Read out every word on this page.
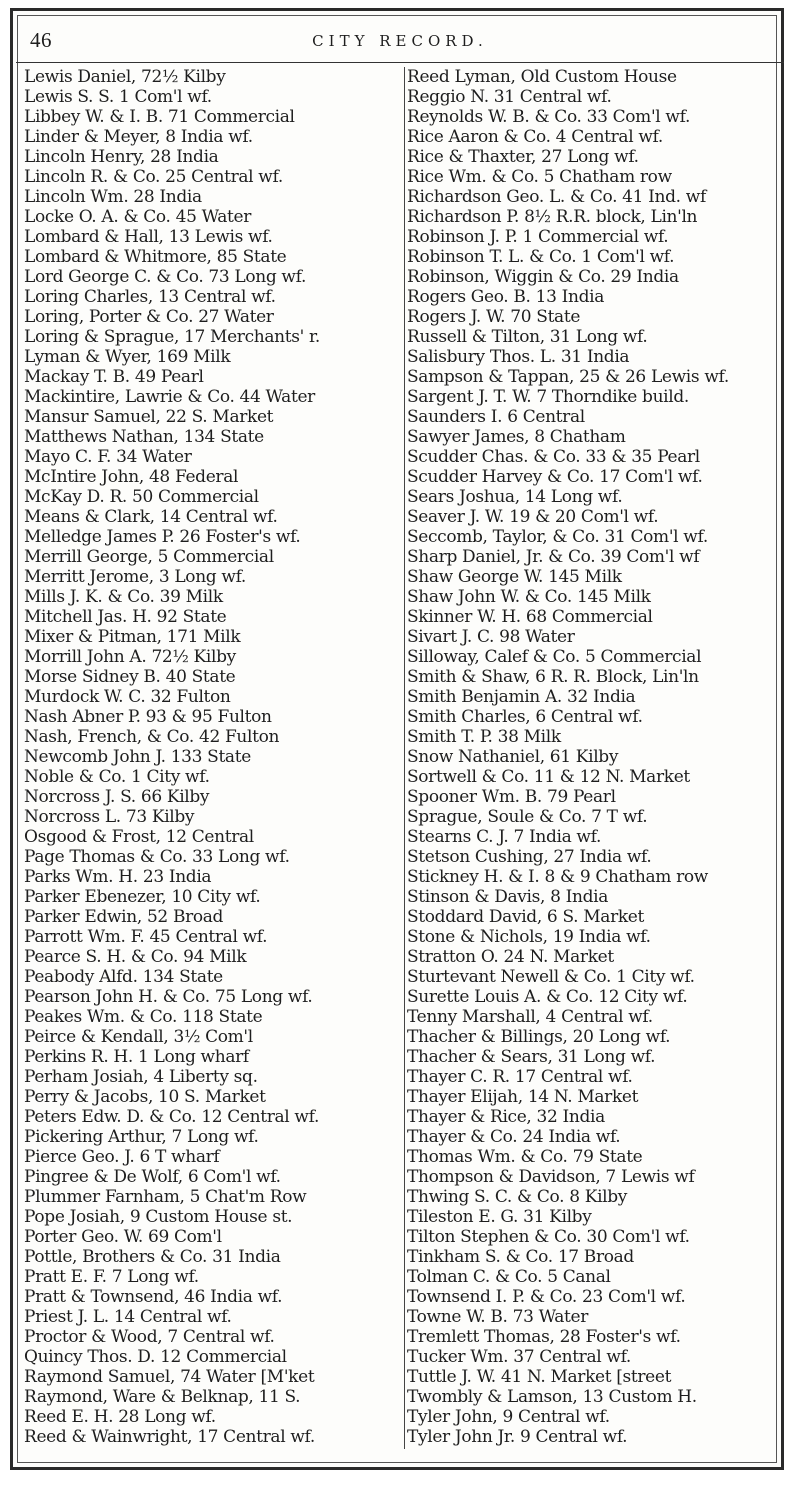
46	CITY RECORD.
Lewis Daniel, 72½ Kilby
Lewis S. S. 1 Com'l wf.
Libbey W. & I. B. 71 Commercial
Linder & Meyer, 8 India wf.
Lincoln Henry, 28 India
Lincoln R. & Co. 25 Central wf.
Lincoln Wm. 28 India
Locke O. A. & Co. 45 Water
Lombard & Hall, 13 Lewis wf.
Lombard & Whitmore, 85 State
Lord George C. & Co. 73 Long wf.
Loring Charles, 13 Central wf.
Loring, Porter & Co. 27 Water
Loring & Sprague, 17 Merchants' r.
Lyman & Wyer, 169 Milk
Mackay T. B. 49 Pearl
Mackintire, Lawrie & Co. 44 Water
Mansur Samuel, 22 S. Market
Matthews Nathan, 134 State
Mayo C. F. 34 Water
McIntire John, 48 Federal
McKay D. R. 50 Commercial
Means & Clark, 14 Central wf.
Melledge James P. 26 Foster's wf.
Merrill George, 5 Commercial
Merritt Jerome, 3 Long wf.
Mills J. K. & Co. 39 Milk
Mitchell Jas. H. 92 State
Mixer & Pitman, 171 Milk
Morrill John A. 72½ Kilby
Morse Sidney B. 40 State
Murdock W. C. 32 Fulton
Nash Abner P. 93 & 95 Fulton
Nash, French, & Co. 42 Fulton
Newcomb John J. 133 State
Noble & Co. 1 City wf.
Norcross J. S. 66 Kilby
Norcross L. 73 Kilby
Osgood & Frost, 12 Central
Page Thomas & Co. 33 Long wf.
Parks Wm. H. 23 India
Parker Ebenezer, 10 City wf.
Parker Edwin, 52 Broad
Parrott Wm. F. 45 Central wf.
Pearce S. H. & Co. 94 Milk
Peabody Alfd. 134 State
Pearson John H. & Co. 75 Long wf.
Peakes Wm. & Co. 118 State
Peirce & Kendall, 3½ Com'l
Perkins R. H. 1 Long wharf
Perham Josiah, 4 Liberty sq.
Perry & Jacobs, 10 S. Market
Peters Edw. D. & Co. 12 Central wf.
Pickering Arthur, 7 Long wf.
Pierce Geo. J. 6 T wharf
Pingree & De Wolf, 6 Com'l wf.
Plummer Farnham, 5 Chat'm Row
Pope Josiah, 9 Custom House st.
Porter Geo. W. 69 Com'l
Pottle, Brothers & Co. 31 India
Pratt E. F. 7 Long wf.
Pratt & Townsend, 46 India wf.
Priest J. L. 14 Central wf.
Proctor & Wood, 7 Central wf.
Quincy Thos. D. 12 Commercial
Raymond Samuel, 74 Water [M'ket
Raymond, Ware & Belknap, 11 S.
Reed E. H. 28 Long wf.
Reed & Wainwright, 17 Central wf.
Reed Lyman, Old Custom House
Reggio N. 31 Central wf.
Reynolds W. B. & Co. 33 Com'l wf.
Rice Aaron & Co. 4 Central wf.
Rice & Thaxter, 27 Long wf.
Rice Wm. & Co. 5 Chatham row
Richardson Geo. L. & Co. 41 Ind. wf
Richardson P. 8½ R.R. block, Lin'ln
Robinson J. P. 1 Commercial wf.
Robinson T. L. & Co. 1 Com'l wf.
Robinson, Wiggin & Co. 29 India
Rogers Geo. B. 13 India
Rogers J. W. 70 State
Russell & Tilton, 31 Long wf.
Salisbury Thos. L. 31 India
Sampson & Tappan, 25 & 26 Lewis wf.
Sargent J. T. W. 7 Thorndike build.
Saunders I. 6 Central
Sawyer James, 8 Chatham
Scudder Chas. & Co. 33 & 35 Pearl
Scudder Harvey & Co. 17 Com'l wf.
Sears Joshua, 14 Long wf.
Seaver J. W. 19 & 20 Com'l wf.
Seccomb, Taylor, & Co. 31 Com'l wf.
Sharp Daniel, Jr. & Co. 39 Com'l wf
Shaw George W. 145 Milk
Shaw John W. & Co. 145 Milk
Skinner W. H. 68 Commercial
Sivart J. C. 98 Water
Silloway, Calef & Co. 5 Commercial
Smith & Shaw, 6 R. R. Block, Lin'ln
Smith Benjamin A. 32 India
Smith Charles, 6 Central wf.
Smith T. P. 38 Milk
Snow Nathaniel, 61 Kilby
Sortwell & Co. 11 & 12 N. Market
Spooner Wm. B. 79 Pearl
Sprague, Soule & Co. 7 T wf.
Stearns C. J. 7 India wf.
Stetson Cushing, 27 India wf.
Stickney H. & I. 8 & 9 Chatham row
Stinson & Davis, 8 India
Stoddard David, 6 S. Market
Stone & Nichols, 19 India wf.
Stratton O. 24 N. Market
Sturtevant Newell & Co. 1 City wf.
Surette Louis A. & Co. 12 City wf.
Tenny Marshall, 4 Central wf.
Thacher & Billings, 20 Long wf.
Thacher & Sears, 31 Long wf.
Thayer C. R. 17 Central wf.
Thayer Elijah, 14 N. Market
Thayer & Rice, 32 India
Thayer & Co. 24 India wf.
Thomas Wm. & Co. 79 State
Thompson & Davidson, 7 Lewis wf
Thwing S. C. & Co. 8 Kilby
Tileston E. G. 31 Kilby
Tilton Stephen & Co. 30 Com'l wf.
Tinkham S. & Co. 17 Broad
Tolman C. & Co. 5 Canal
Townsend I. P. & Co. 23 Com'l wf.
Towne W. B. 73 Water
Tremlett Thomas, 28 Foster's wf.
Tucker Wm. 37 Central wf.
Tuttle J. W. 41 N. Market [street
Twombly & Lamson, 13 Custom H.
Tyler John, 9 Central wf.
Tyler John Jr. 9 Central wf.
